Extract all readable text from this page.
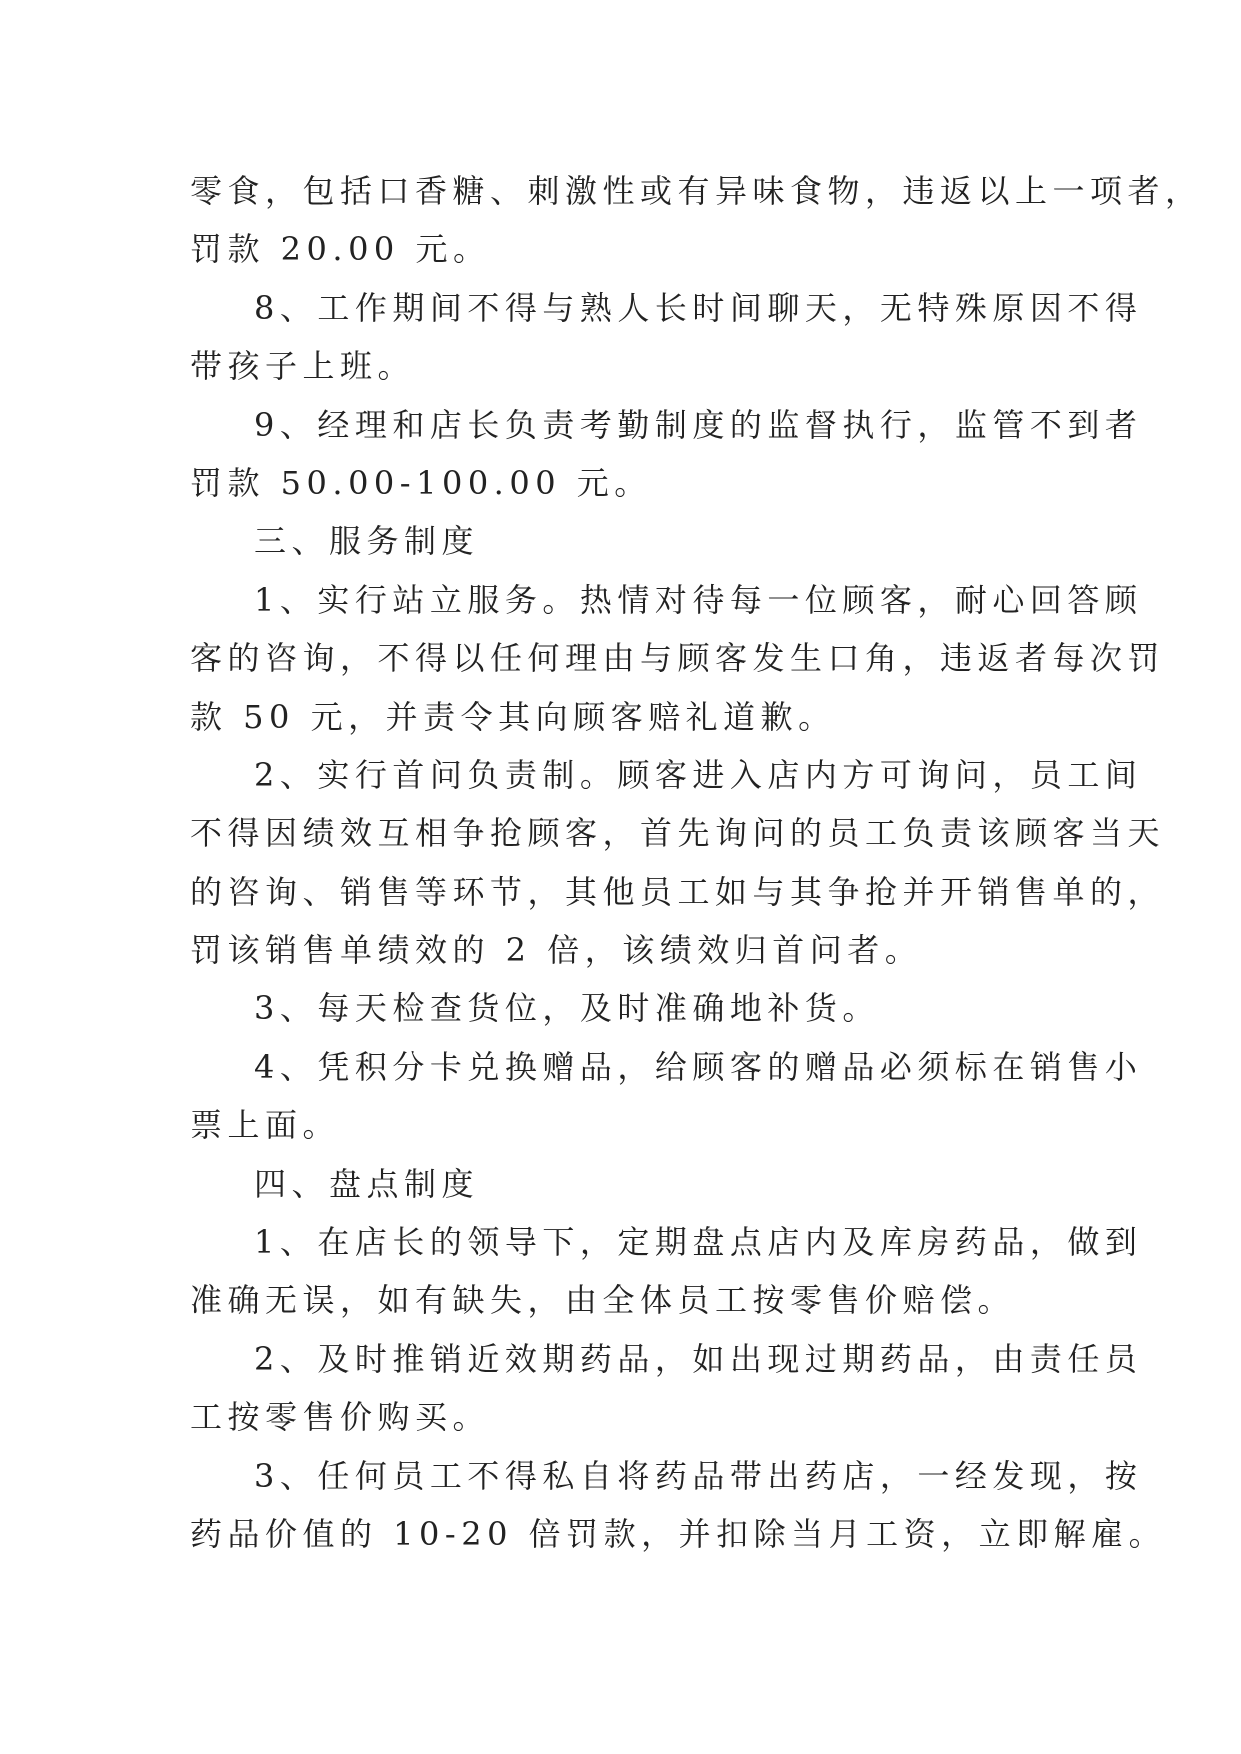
零食，包括口香糖、刺激性或有异味食物，违返以上一项者，
罚款 20.00 元。
8、工作期间不得与熟人长时间聊天，无特殊原因不得
带孩子上班。
9、经理和店长负责考勤制度的监督执行，监管不到者
罚款 50.00-100.00 元。
三、服务制度
1、实行站立服务。热情对待每一位顾客，耐心回答顾
客的咨询，不得以任何理由与顾客发生口角，违返者每次罚
款 50 元，并责令其向顾客赔礼道歉。
2、实行首问负责制。顾客进入店内方可询问，员工间
不得因绩效互相争抢顾客，首先询问的员工负责该顾客当天
的咨询、销售等环节，其他员工如与其争抢并开销售单的，
罚该销售单绩效的 2 倍，该绩效归首问者。
3、每天检查货位，及时准确地补货。
4、凭积分卡兑换赠品，给顾客的赠品必须标在销售小
票上面。
四、盘点制度
1、在店长的领导下，定期盘点店内及库房药品，做到
准确无误，如有缺失，由全体员工按零售价赔偿。
2、及时推销近效期药品，如出现过期药品，由责任员
工按零售价购买。
3、任何员工不得私自将药品带出药店，一经发现，按
药品价值的 10-20 倍罚款，并扣除当月工资，立即解雇。
